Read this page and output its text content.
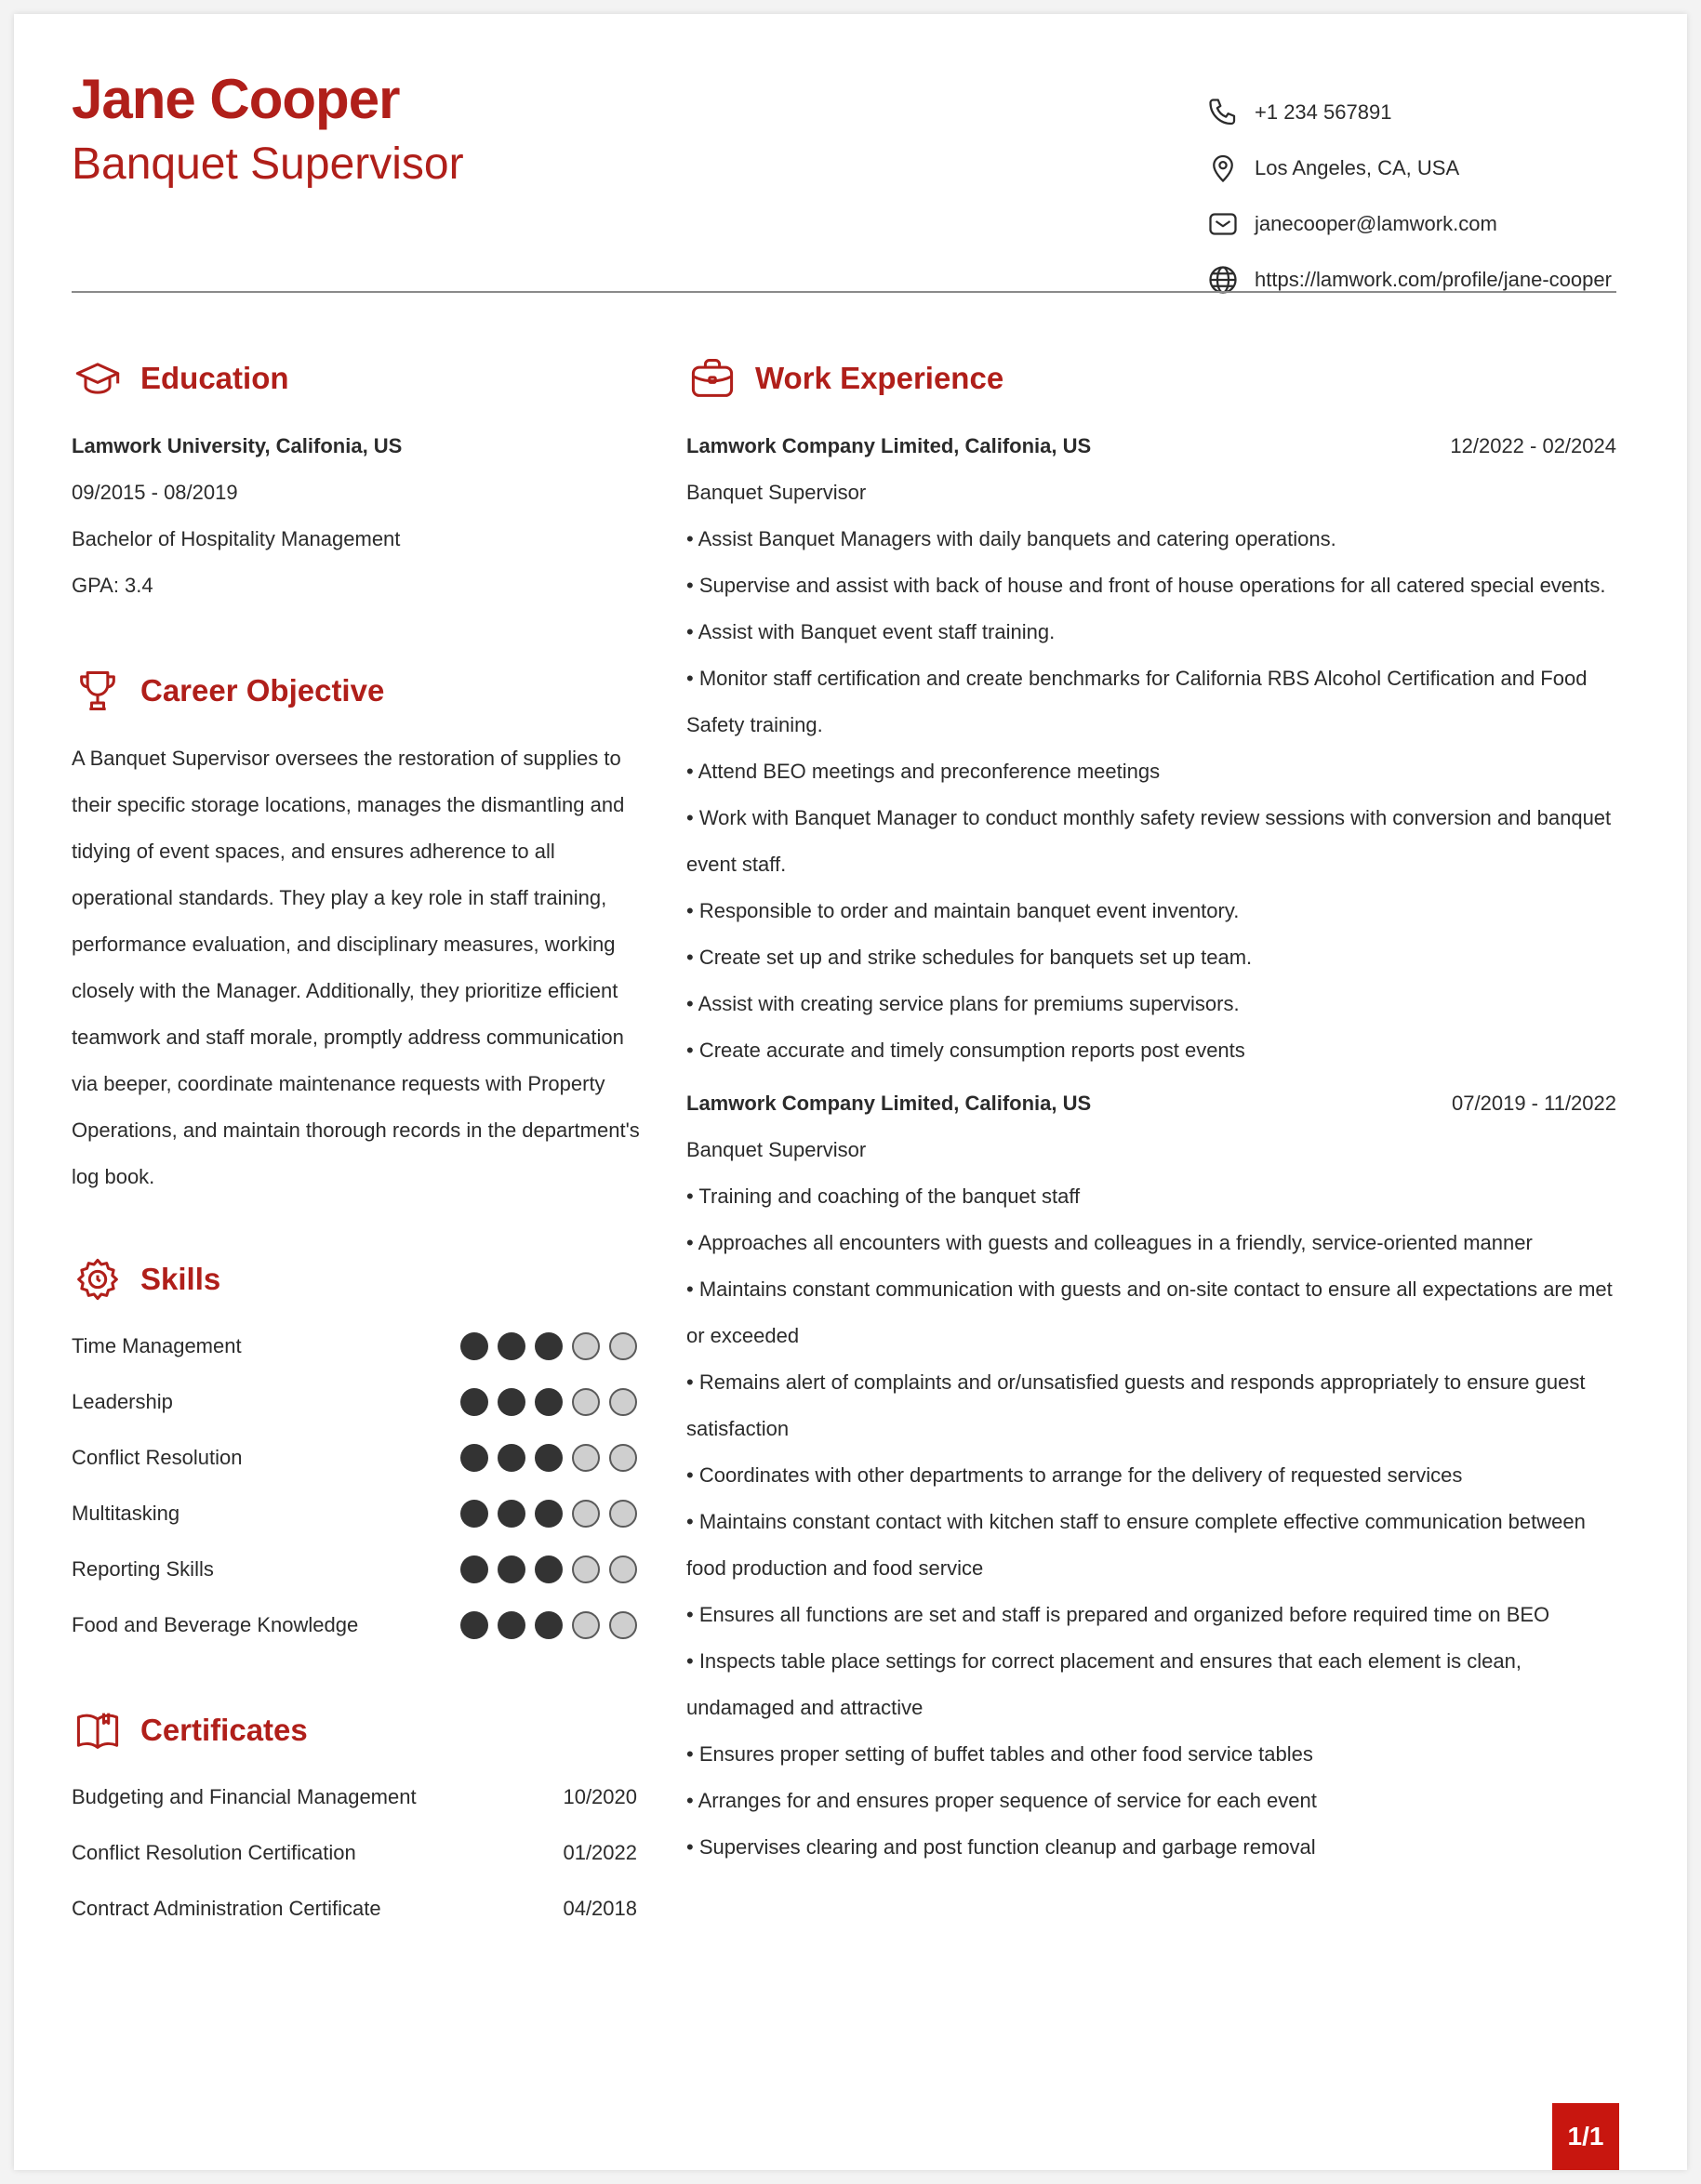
Jane Cooper
Banquet Supervisor
+1 234 567891
Los Angeles, CA, USA
janecooper@lamwork.com
https://lamwork.com/profile/jane-cooper
Education
Lamwork University, Califonia, US
09/2015 - 08/2019
Bachelor of Hospitality Management
GPA: 3.4
Career Objective
A Banquet Supervisor oversees the restoration of supplies to their specific storage locations, manages the dismantling and tidying of event spaces, and ensures adherence to all operational standards. They play a key role in staff training, performance evaluation, and disciplinary measures, working closely with the Manager. Additionally, they prioritize efficient teamwork and staff morale, promptly address communication via beeper, coordinate maintenance requests with Property Operations, and maintain thorough records in the department's log book.
Skills
Time Management
Leadership
Conflict Resolution
Multitasking
Reporting Skills
Food and Beverage Knowledge
Certificates
Budgeting and Financial Management	10/2020
Conflict Resolution Certification	01/2022
Contract Administration Certificate	04/2018
Work Experience
Lamwork Company Limited, Califonia, US	12/2022 - 02/2024
Banquet Supervisor
• Assist Banquet Managers with daily banquets and catering operations.
• Supervise and assist with back of house and front of house operations for all catered special events.
• Assist with Banquet event staff training.
• Monitor staff certification and create benchmarks for California RBS Alcohol Certification and Food Safety training.
• Attend BEO meetings and preconference meetings
• Work with Banquet Manager to conduct monthly safety review sessions with conversion and banquet event staff.
• Responsible to order and maintain banquet event inventory.
• Create set up and strike schedules for banquets set up team.
• Assist with creating service plans for premiums supervisors.
• Create accurate and timely consumption reports post events
Lamwork Company Limited, Califonia, US	07/2019 - 11/2022
Banquet Supervisor
• Training and coaching of the banquet staff
• Approaches all encounters with guests and colleagues in a friendly, service-oriented manner
• Maintains constant communication with guests and on-site contact to ensure all expectations are met or exceeded
• Remains alert of complaints and or/unsatisfied guests and responds appropriately to ensure guest satisfaction
• Coordinates with other departments to arrange for the delivery of requested services
• Maintains constant contact with kitchen staff to ensure complete effective communication between food production and food service
• Ensures all functions are set and staff is prepared and organized before required time on BEO
• Inspects table place settings for correct placement and ensures that each element is clean, undamaged and attractive
• Ensures proper setting of buffet tables and other food service tables
• Arranges for and ensures proper sequence of service for each event
• Supervises clearing and post function cleanup and garbage removal
1/1
